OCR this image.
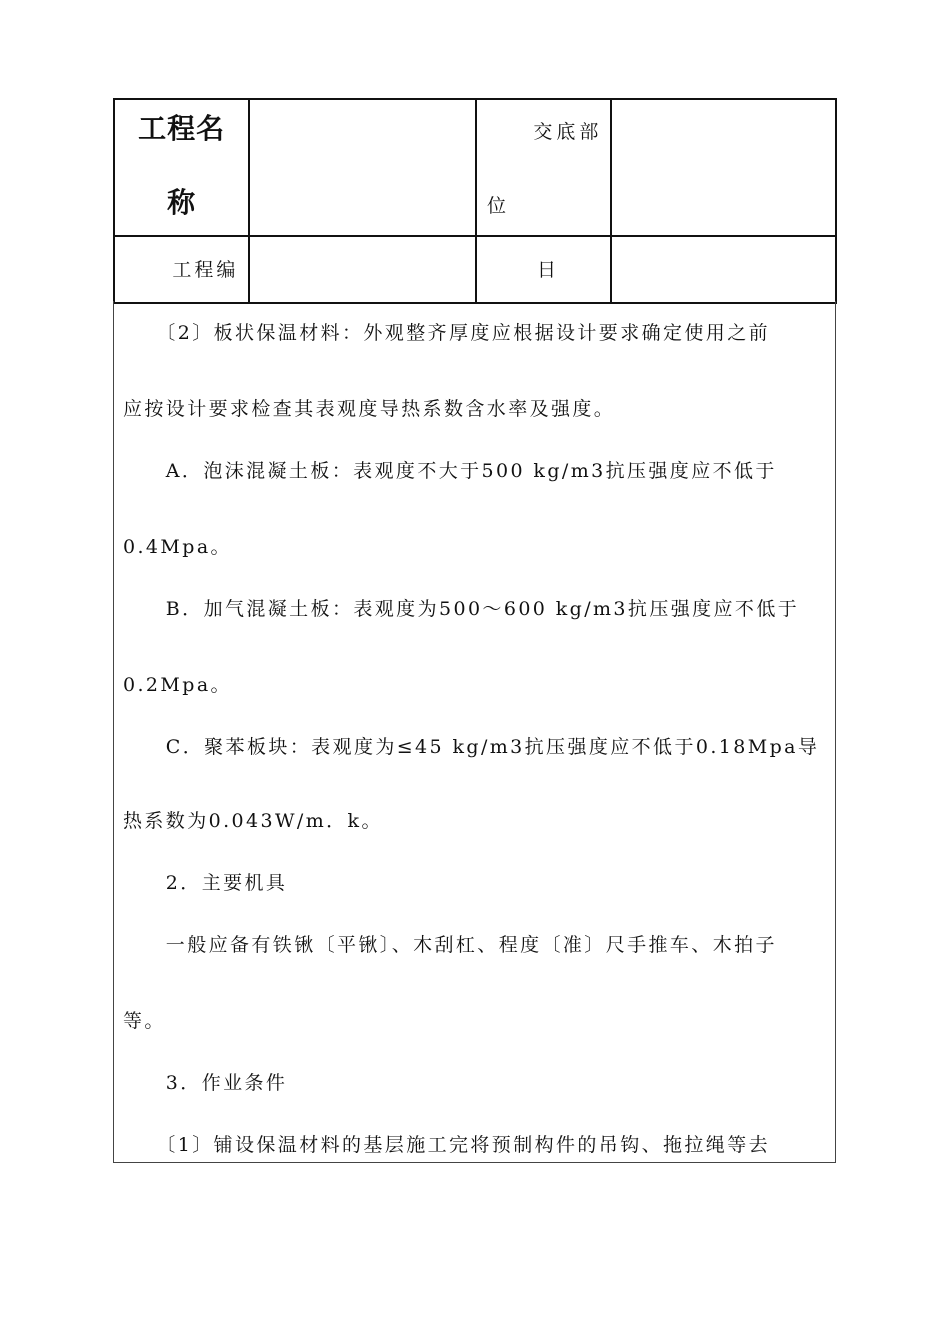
工程名
称		交底部
位	

工程编		日	

　　〔2〕板状保温材料：外观整齐厚度应根据设计要求确定使用之前
应按设计要求检查其表观度导热系数含水率及强度。
　　A．泡沫混凝土板：表观度不大于500 kg/m3抗压强度应不低于
0.4Mpa。
　　B．加气混凝土板：表观度为500～600 kg/m3抗压强度应不低于
0.2Mpa。
　　C．聚苯板块：表观度为≤45 kg/m3抗压强度应不低于0.18Mpa导
热系数为0.043W/m．k。
　　2．主要机具
　　一般应备有铁锹〔平锹〕、木刮杠、程度〔准〕尺手推车、木拍子
等。
　　3．作业条件
　　〔1〕铺设保温材料的基层施工完将预制构件的吊钩、拖拉绳等去
